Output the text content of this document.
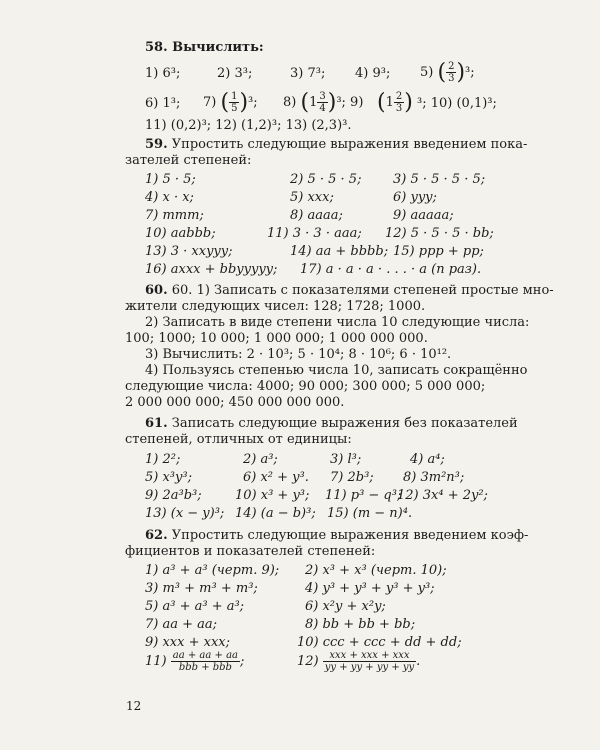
58. Вычислить:
1) 6³;	2) 3³;	3) 7³; 4) 9³; 5) ( $\frac{2}{3} )^3$;
6) 1³; 7) ( $\frac{1}{5} )^3$; 8) $(1 \frac{3}{4} )^3$; 9) ($1 \frac{2}{3}$ ) ³; 10) (0,1)³;
11) (0,2)³; 12) (1,2)³; 13) (2,3)³.
59. Упростить следующие выражения введением пока-
зателей степеней:
1) 5 · 5;	2) 5 · 5 · 5; 3) 5 · 5 · 5 · 5;
4) x · x;	5) xxx;	6) yyy;
7) mmm;	8) aaaa;	9) aaaaa;
10) aabbb;	11) 3 · 3 · aaa; 12) 5 · 5 · 5 · bb;
13) 3 · xxyyy;	14) aa + bbbb; 15) ppp + pp;
16) axxx + bbyyyyy; 17) a · a · a · . . . · a (n раз).
60. 60. 1) Записать с показателями степеней простые мно-
жители следующих чисел: 128; 1728; 1000.
2) Записать в виде степени числа 10 следующие числа:
100; 1000; 10 000; 1 000 000; 1 000 000 000.
3) Вычислить: 2 · 10³; 5 · 10⁴; 8 · 10⁶; 6 · 10¹².
4) Пользуясь степенью числа 10, записать сокращённо
следующие числа: 4000; 90 000; 300 000; 5 000 000;
2 000 000 000; 450 000 000 000.
61. Записать следующие выражения без показателей
степеней, отличных от единицы:
1) 2²;	2) a³;	3) l³;	4) a⁴;
5) x³y³;	6) x² + y³. 7) 2b³; 8) 3m²n³;
9) 2a³b³;	10) x³ + y³; 11) p³ − q³;
12) 3x⁴ + 2y²;
13) (x − y)³; 14) (a − b)³; 15) (m − n)⁴.
62. Упростить следующие выражения введением коэф-
фициентов и показателей степеней:
1) a³ + a³ (черт. 9); 2) x³ + x³ (черт. 10);
3) m³ + m³ + m³;	4) y³ + y³ + y³ + y³;
5) a³ + a³ + a³;	6) x²y + x²y;
7) aa + aa;	8) bb + bb + bb;
9) xxx + xxx;	10) ccc + ccc + dd + dd;
$11) \frac{aa + aa + aa}{\text{bbb + bbb}}$ ;	$12) \frac{\text{xxx + xxx + xxx}}{yy + yy + yy + yy}$ .
12
